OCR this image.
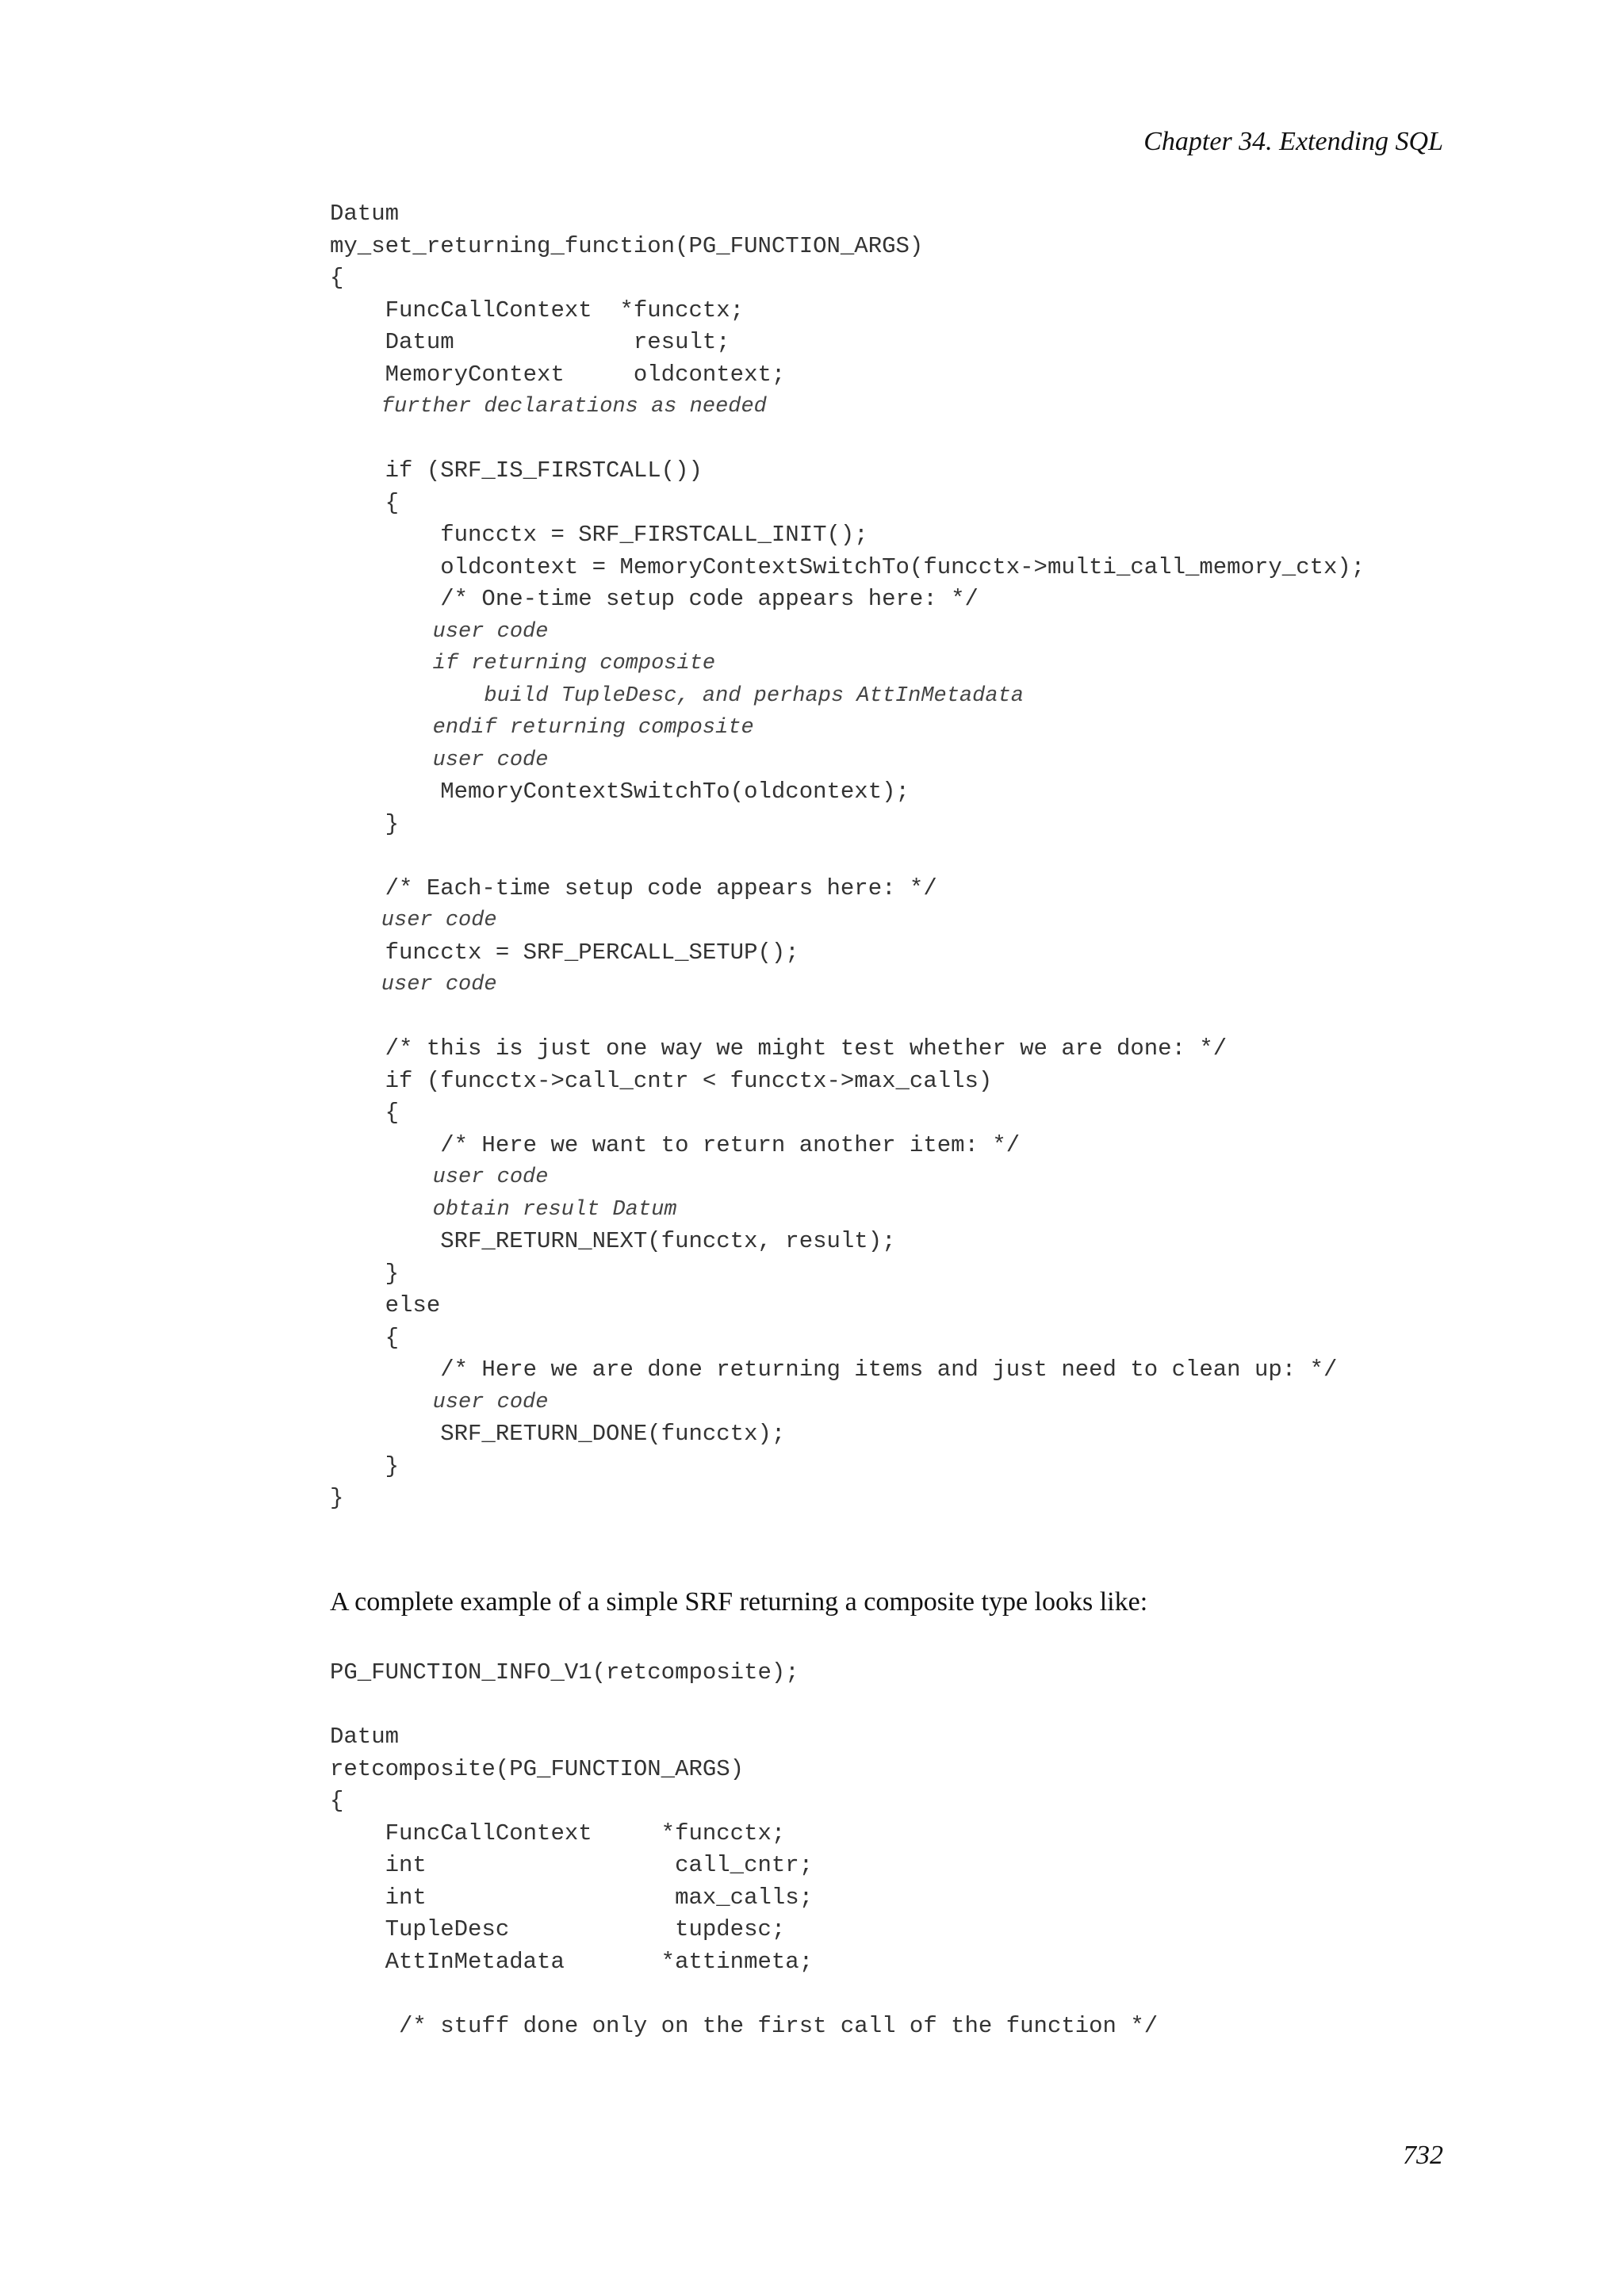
Chapter 34. Extending SQL
Datum
my_set_returning_function(PG_FUNCTION_ARGS)
{
FuncCallContext  *funcctx;
Datum             result;
MemoryContext     oldcontext;
further declarations as needed
if (SRF_IS_FIRSTCALL())
{
funcctx = SRF_FIRSTCALL_INIT();
oldcontext = MemoryContextSwitchTo(funcctx->multi_call_memory_ctx);
/* One-time setup code appears here: */
user code
if returning composite
build TupleDesc, and perhaps AttInMetadata
endif returning composite
user code
MemoryContextSwitchTo(oldcontext);
}
/* Each-time setup code appears here: */
user code
funcctx = SRF_PERCALL_SETUP();
user code
/* this is just one way we might test whether we are done: */
if (funcctx->call_cntr < funcctx->max_calls)
{
/* Here we want to return another item: */
user code
obtain result Datum
SRF_RETURN_NEXT(funcctx, result);
}
else
{
/* Here we are done returning items and just need to clean up: */
user code
SRF_RETURN_DONE(funcctx);
}
}
A complete example of a simple SRF returning a composite type looks like:
PG_FUNCTION_INFO_V1(retcomposite);
Datum
retcomposite(PG_FUNCTION_ARGS)
{
FuncCallContext     *funcctx;
int                  call_cntr;
int                  max_calls;
TupleDesc            tupdesc;
AttInMetadata       *attinmeta;
/* stuff done only on the first call of the function */
732
